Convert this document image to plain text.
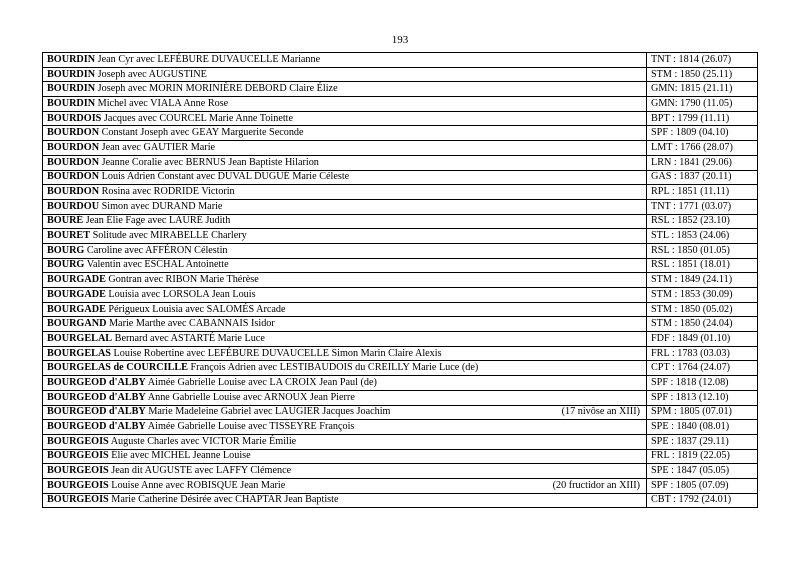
193
BOURDIN Jean Cyr avec LEFÉBURE DUVAUCELLE Marianne	TNT : 1814 (26.07)
BOURDIN Joseph avec AUGUSTINE	STM : 1850 (25.11)
BOURDIN Joseph avec MORIN MORINIÈRE DEBORD Claire Élize	GMN: 1815 (21.11)
BOURDIN Michel avec VIALA Anne Rose	GMN: 1790 (11.05)
BOURDOIS Jacques avec COURCEL Marie Anne Toinette	BPT : 1799 (11.11)
BOURDON Constant Joseph avec GEAY Marguerite Seconde	SPF : 1809 (04.10)
BOURDON Jean avec GAUTIER Marie	LMT : 1766 (28.07)
BOURDON Jeanne Coralie avec BERNUS Jean Baptiste Hilarion	LRN : 1841 (29.06)
BOURDON Louis Adrien Constant avec DUVAL DUGUÉ Marie Céleste	GAS : 1837 (20.11)
BOURDON Rosina avec RODRIDE Victorin	RPL : 1851 (11.11)
BOURDOU Simon avec DURAND Marie	TNT : 1771 (03.07)
BOURÉ Jean Élie Fage avec LAURÉ Judith	RSL : 1852 (23.10)
BOURET Solitude avec MIRABELLE Charlery	STL : 1853 (24.06)
BOURG Caroline avec AFFÉRON Célestin	RSL : 1850 (01.05)
BOURG Valentin avec ESCHAL Antoinette	RSL : 1851 (18.01)
BOURGADE Gontran avec RIBON Marie Thérèse	STM : 1849 (24.11)
BOURGADE Louisia avec LORSOLA Jean Louis	STM : 1853 (30.09)
BOURGADE Périgueux Louisia avec SALOMÉS Arcade	STM : 1850 (05.02)
BOURGAND Marie Marthe avec CABANNAIS Isidor	STM : 1850 (24.04)
BOURGELAL Bernard avec ASTARTÉ Marie Luce	FDF : 1849 (01.10)
BOURGELAS Louise Robertine avec LEFÉBURE DUVAUCELLE Simon Marin Claire Alexis	FRL : 1783 (03.03)
BOURGELAS de COURCILLE François Adrien avec LESTIBAUDOIS du CREILLY Marie Luce (de)	CPT : 1764 (24.07)
BOURGEOD d'ALBY Aimée Gabrielle Louise avec LA CROIX Jean Paul (de)	SPF : 1818 (12.08)
BOURGEOD d'ALBY Anne Gabrielle Louise avec ARNOUX Jean Pierre	SPF : 1813 (12.10)

(17 nivôse an XIII)
BOURGEOD d'ALBY Marie Madeleine Gabriel avec LAUGIER Jacques Joachim	SPM : 1805 (07.01)
BOURGEOD d'ALBY Aimée Gabrielle Louise avec TISSEYRE François	SPE : 1840 (08.01)
BOURGEOIS Auguste Charles avec VICTOR Marie Émilie	SPE : 1837 (29.11)
BOURGEOIS Élie avec MICHEL Jeanne Louise	FRL : 1819 (22.05)
BOURGEOIS Jean dit AUGUSTE avec LAFFY Clémence	SPE : 1847 (05.05)

(20 fructidor an XIII)
BOURGEOIS Louise Anne avec ROBISQUE Jean Marie	SPF : 1805 (07.09)
BOURGEOIS Marie Catherine Désirée avec CHAPTAR Jean Baptiste	CBT : 1792 (24.01)
